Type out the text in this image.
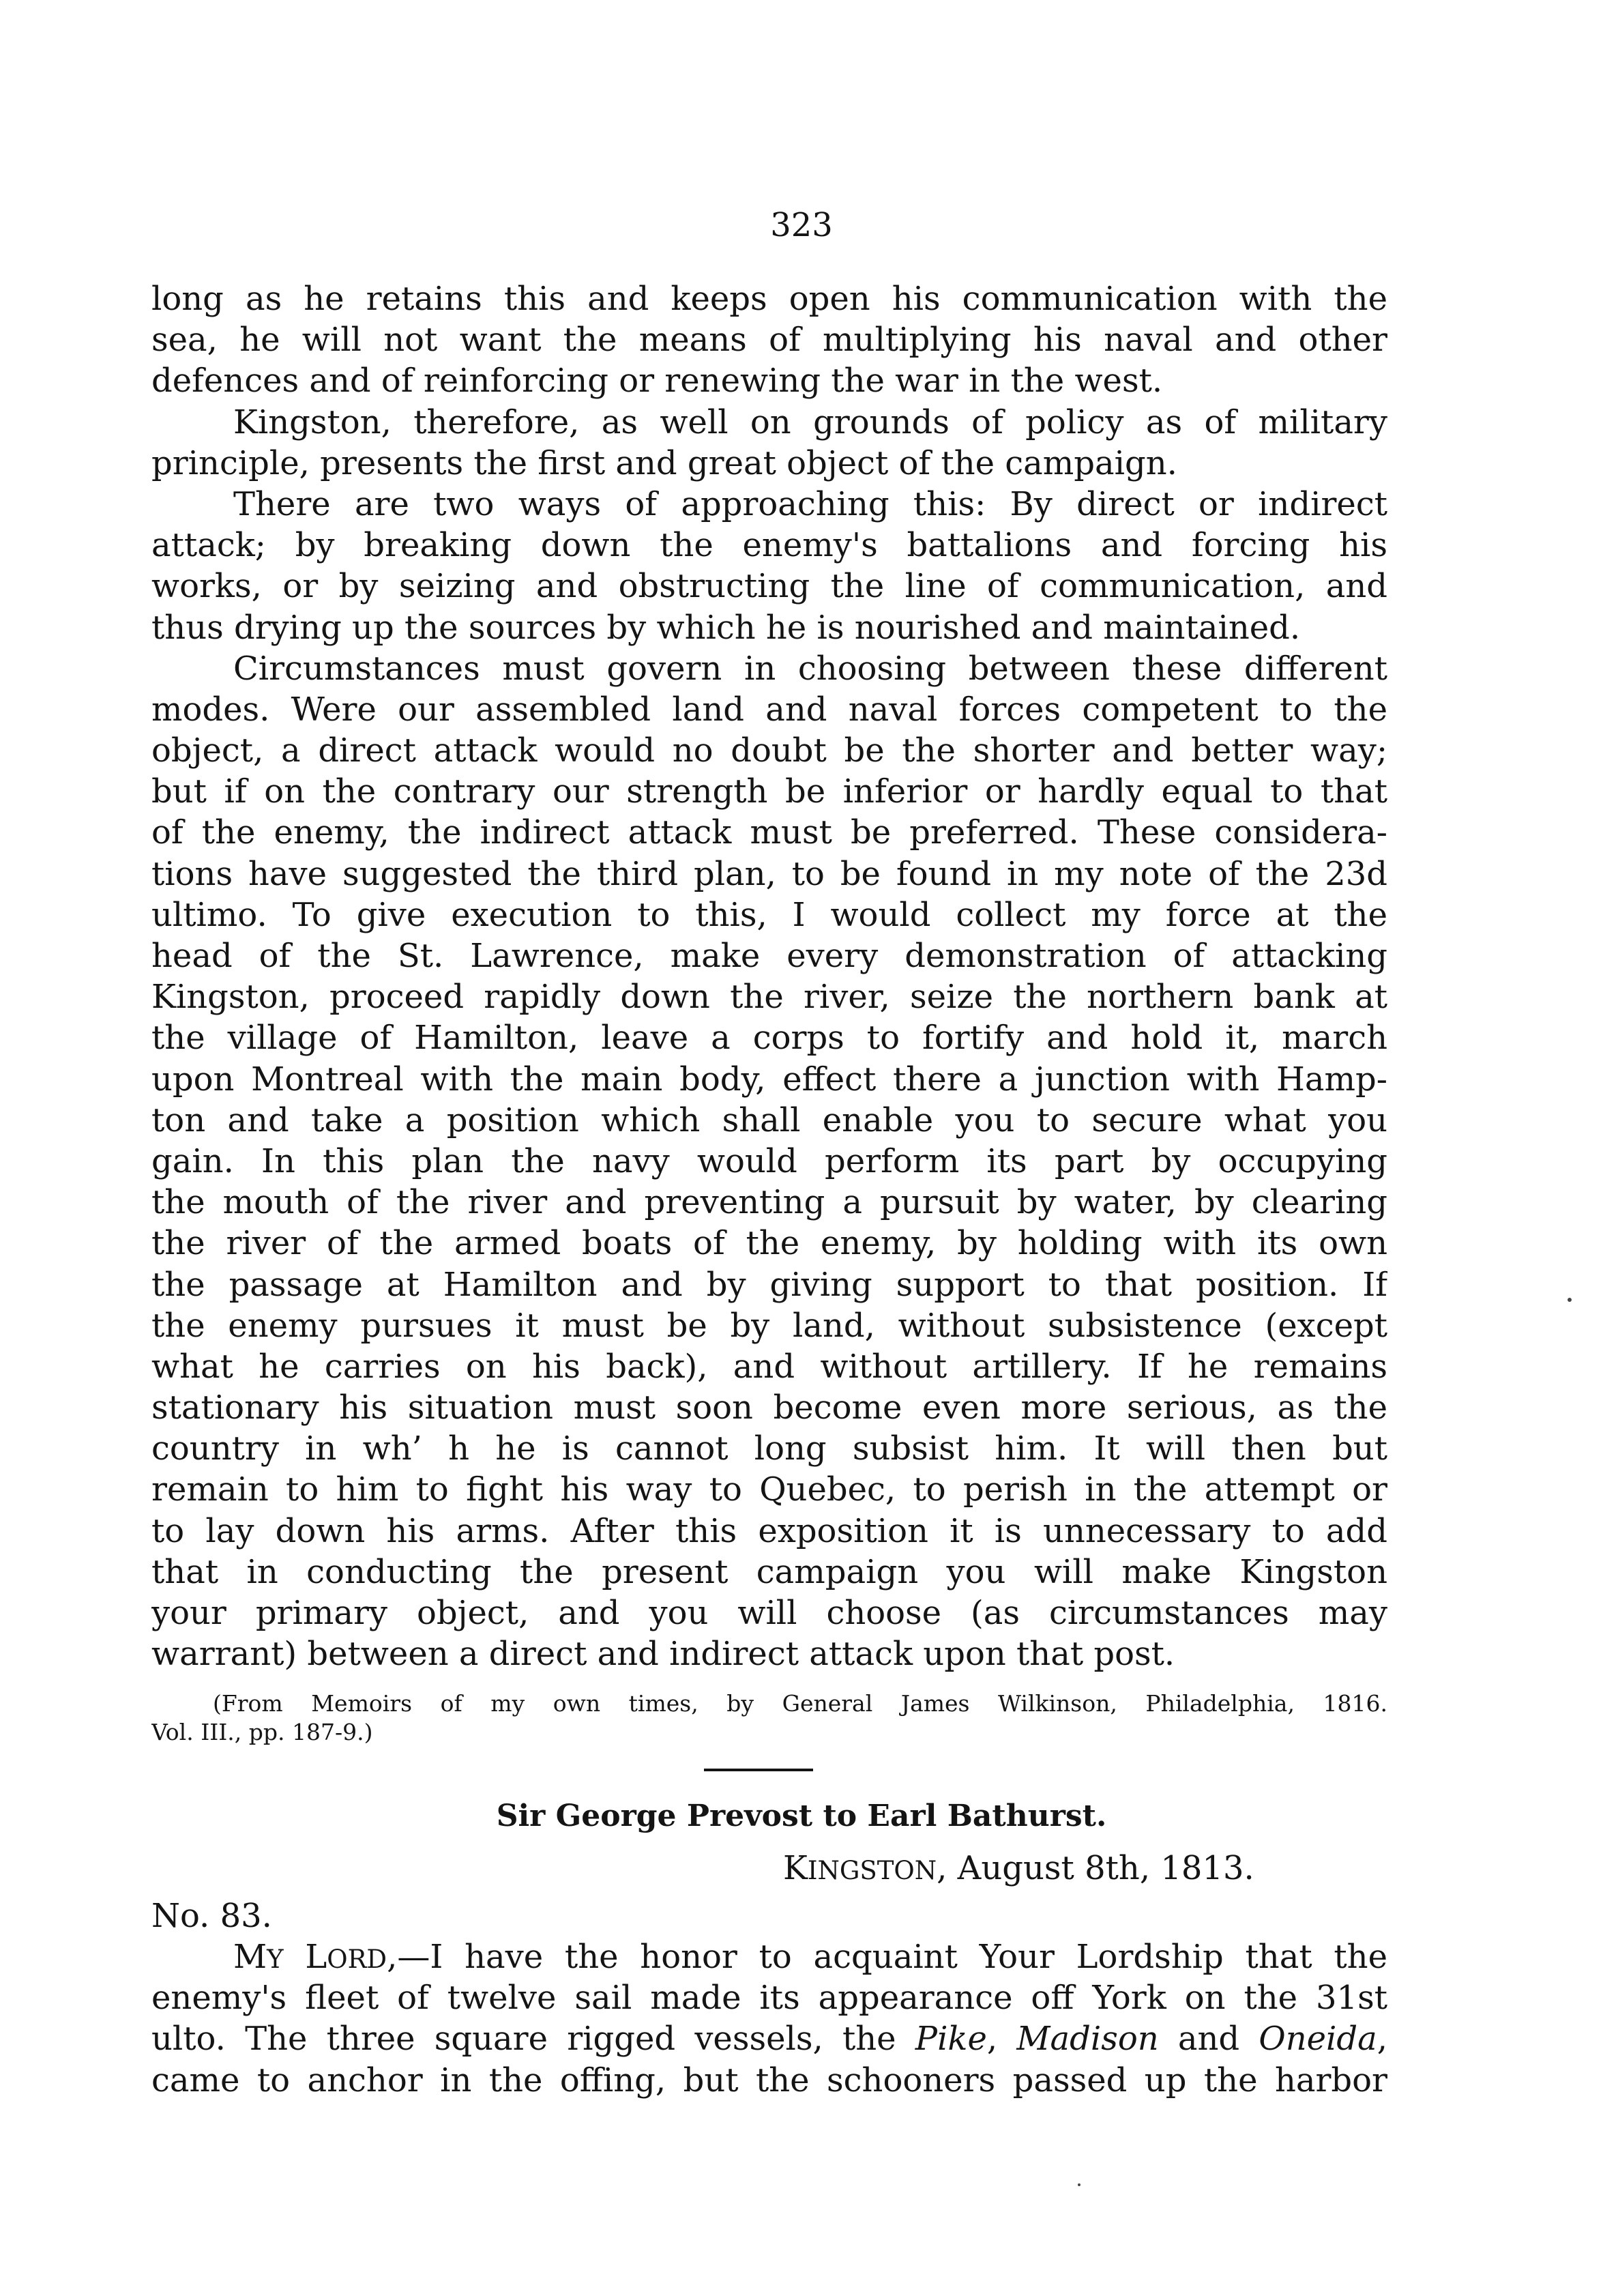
323
long as he retains this and keeps open his communication with the
sea, he will not want the means of multiplying his naval and other
defences and of reinforcing or renewing the war in the west.
Kingston, therefore, as well on grounds of policy as of military
principle, presents the first and great object of the campaign.
There are two ways of approaching this: By direct or indirect
attack; by breaking down the enemy's battalions and forcing his
works, or by seizing and obstructing the line of communication, and
thus drying up the sources by which he is nourished and maintained.
Circumstances must govern in choosing between these different
modes. Were our assembled land and naval forces competent to the
object, a direct attack would no doubt be the shorter and better way;
but if on the contrary our strength be inferior or hardly equal to that
of the enemy, the indirect attack must be preferred. These considera-
tions have suggested the third plan, to be found in my note of the 23d
ultimo. To give execution to this, I would collect my force at the
head of the St. Lawrence, make every demonstration of attacking
Kingston, proceed rapidly down the river, seize the northern bank at
the village of Hamilton, leave a corps to fortify and hold it, march
upon Montreal with the main body, effect there a junction with Hamp-
ton and take a position which shall enable you to secure what you
gain. In this plan the navy would perform its part by occupying
the mouth of the river and preventing a pursuit by water, by clearing
the river of the armed boats of the enemy, by holding with its own
the passage at Hamilton and by giving support to that position. If
the enemy pursues it must be by land, without subsistence (except
what he carries on his back), and without artillery. If he remains
stationary his situation must soon become even more serious, as the
country in wh’ h he is cannot long subsist him. It will then but
remain to him to fight his way to Quebec, to perish in the attempt or
to lay down his arms. After this exposition it is unnecessary to add
that in conducting the present campaign you will make Kingston
your primary object, and you will choose (as circumstances may
warrant) between a direct and indirect attack upon that post.
(From Memoirs of my own times, by General James Wilkinson, Philadelphia, 1816.
Vol. III., pp. 187-9.)
Sir George Prevost to Earl Bathurst.
KINGSTON, August 8th, 1813.
No. 83.
MY LORD,—I have the honor to acquaint Your Lordship that the
enemy's fleet of twelve sail made its appearance off York on the 31st
ulto. The three square rigged vessels, the Pike, Madison and Oneida,
came to anchor in the offing, but the schooners passed up the harbor
